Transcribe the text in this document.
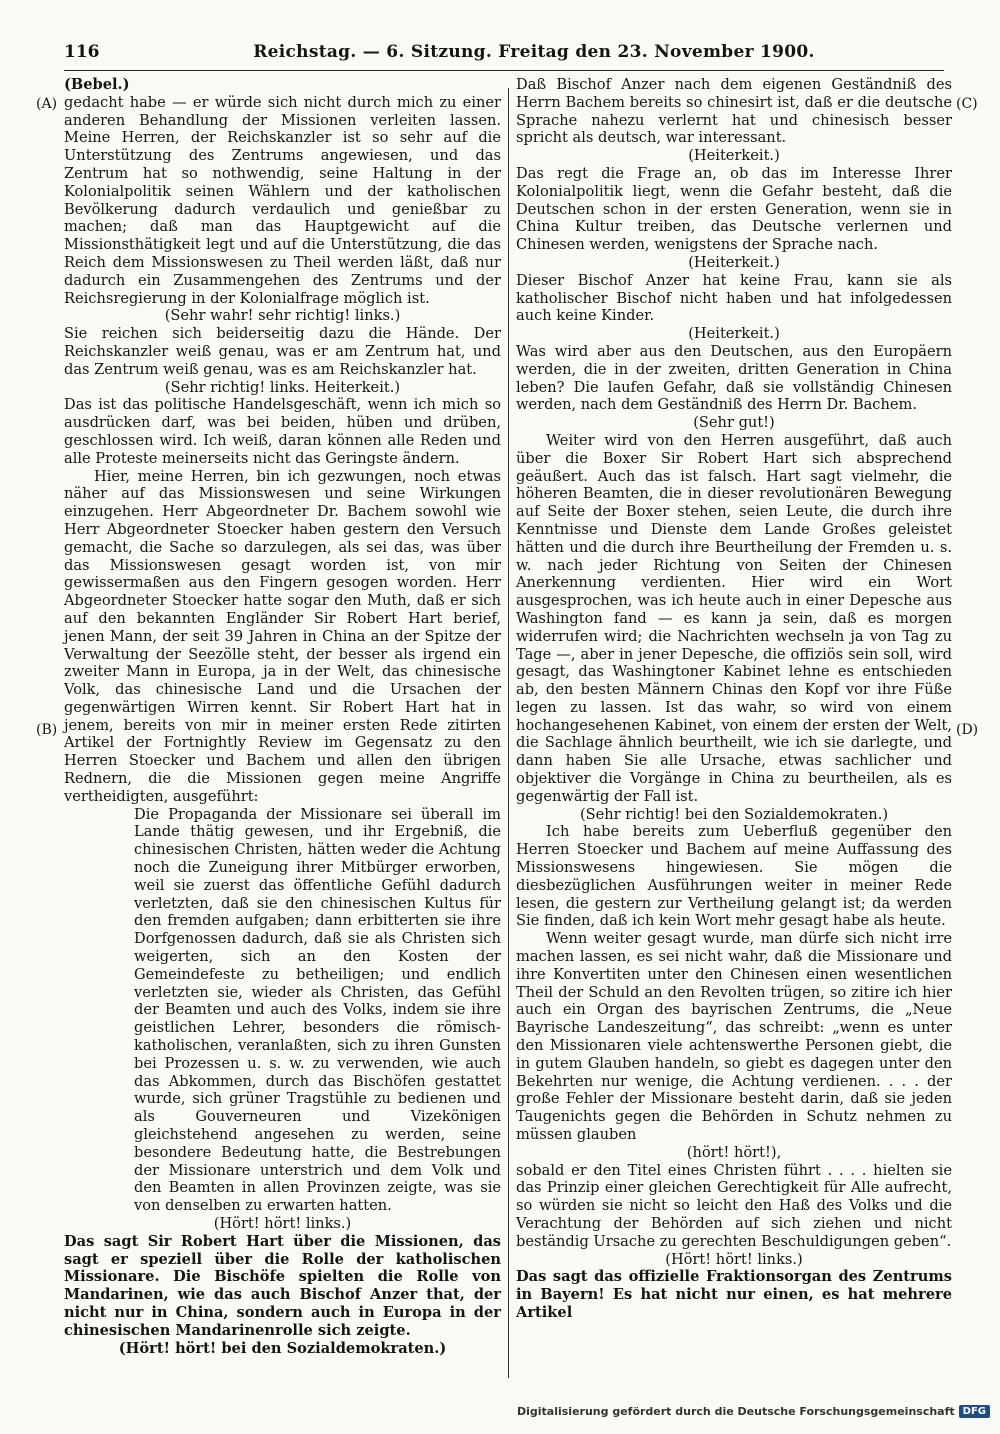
116	Reichstag. — 6. Sitzung. Freitag den 23. November 1900.
(A)
(B)
(C)
(D)

(Bebel.)

gedacht habe — er würde sich nicht durch mich zu einer anderen Behandlung der Missionen verleiten lassen. Meine Herren, der Reichskanzler ist so sehr auf die Unterstützung des Zentrums angewiesen, und das Zentrum hat so nothwendig, seine Haltung in der Kolonialpolitik seinen Wählern und der katholischen Bevölkerung dadurch verdaulich und genießbar zu machen; daß man das Hauptgewicht auf die Missionsthätigkeit legt und auf die Unterstützung, die das Reich dem Missionswesen zu Theil werden läßt, daß nur dadurch ein Zusammengehen des Zentrums und der Reichsregierung in der Kolonialfrage möglich ist.

(Sehr wahr! sehr richtig! links.)

Sie reichen sich beiderseitig dazu die Hände. Der Reichskanzler weiß genau, was er am Zentrum hat, und das Zentrum weiß genau, was es am Reichskanzler hat.

(Sehr richtig! links. Heiterkeit.)

Das ist das politische Handelsgeschäft, wenn ich mich so ausdrücken darf, was bei beiden, hüben und drüben, geschlossen wird. Ich weiß, daran können alle Reden und alle Proteste meinerseits nicht das Geringste ändern.

Hier, meine Herren, bin ich gezwungen, noch etwas näher auf das Missionswesen und seine Wirkungen einzugehen. Herr Abgeordneter Dr. Bachem sowohl wie Herr Abgeordneter Stoecker haben gestern den Versuch gemacht, die Sache so darzulegen, als sei das, was über das Missionswesen gesagt worden ist, von mir gewissermaßen aus den Fingern gesogen worden. Herr Abgeordneter Stoecker hatte sogar den Muth, daß er sich auf den bekannten Engländer Sir Robert Hart berief, jenen Mann, der seit 39 Jahren in China an der Spitze der Verwaltung der Seezölle steht, der besser als irgend ein zweiter Mann in Europa, ja in der Welt, das chinesische Volk, das chinesische Land und die Ursachen der gegenwärtigen Wirren kennt. Sir Robert Hart hat in jenem, bereits von mir in meiner ersten Rede zitirten Artikel der Fortnightly Review im Gegensatz zu den Herren Stoecker und Bachem und allen den übrigen Rednern, die die Missionen gegen meine Angriffe vertheidigten, ausgeführt:

Die Propaganda der Missionare sei überall im Lande thätig gewesen, und ihr Ergebniß, die chinesischen Christen, hätten weder die Achtung noch die Zuneigung ihrer Mitbürger erworben, weil sie zuerst das öffentliche Gefühl dadurch verletzten, daß sie den chinesischen Kultus für den fremden aufgaben; dann erbitterten sie ihre Dorfgenossen dadurch, daß sie als Christen sich weigerten, sich an den Kosten der Gemeindefeste zu betheiligen; und endlich verletzten sie, wieder als Christen, das Gefühl der Beamten und auch des Volks, indem sie ihre geistlichen Lehrer, besonders die römisch-katholischen, veranlaßten, sich zu ihren Gunsten bei Prozessen u. s. w. zu verwenden, wie auch das Abkommen, durch das Bischöfen gestattet wurde, sich grüner Tragstühle zu bedienen und als Gouverneuren und Vizekönigen gleichstehend angesehen zu werden, seine besondere Bedeutung hatte, die Bestrebungen der Missionare unterstrich und dem Volk und den Beamten in allen Provinzen zeigte, was sie von denselben zu erwarten hatten.

(Hört! hört! links.)

Das sagt Sir Robert Hart über die Missionen, das sagt er speziell über die Rolle der katholischen Missionare. Die Bischöfe spielten die Rolle von Mandarinen, wie das auch Bischof Anzer that, der nicht nur in China, sondern auch in Europa in der chinesischen Mandarinenrolle sich zeigte.

(Hört! hört! bei den Sozialdemokraten.)

Daß Bischof Anzer nach dem eigenen Geständniß des Herrn Bachem bereits so chinesirt ist, daß er die deutsche Sprache nahezu verlernt hat und chinesisch besser spricht als deutsch, war interessant.

(Heiterkeit.)

Das regt die Frage an, ob das im Interesse Ihrer Kolonialpolitik liegt, wenn die Gefahr besteht, daß die Deutschen schon in der ersten Generation, wenn sie in China Kultur treiben, das Deutsche verlernen und Chinesen werden, wenigstens der Sprache nach.

(Heiterkeit.)

Dieser Bischof Anzer hat keine Frau, kann sie als katholischer Bischof nicht haben und hat infolgedessen auch keine Kinder.

(Heiterkeit.)

Was wird aber aus den Deutschen, aus den Europäern werden, die in der zweiten, dritten Generation in China leben? Die laufen Gefahr, daß sie vollständig Chinesen werden, nach dem Geständniß des Herrn Dr. Bachem.

(Sehr gut!)

Weiter wird von den Herren ausgeführt, daß auch über die Boxer Sir Robert Hart sich absprechend geäußert. Auch das ist falsch. Hart sagt vielmehr, die höheren Beamten, die in dieser revolutionären Bewegung auf Seite der Boxer stehen, seien Leute, die durch ihre Kenntnisse und Dienste dem Lande Großes geleistet hätten und die durch ihre Beurtheilung der Fremden u. s. w. nach jeder Richtung von Seiten der Chinesen Anerkennung verdienten. Hier wird ein Wort ausgesprochen, was ich heute auch in einer Depesche aus Washington fand — es kann ja sein, daß es morgen widerrufen wird; die Nachrichten wechseln ja von Tag zu Tage —, aber in jener Depesche, die offiziös sein soll, wird gesagt, das Washingtoner Kabinet lehne es entschieden ab, den besten Männern Chinas den Kopf vor ihre Füße legen zu lassen. Ist das wahr, so wird von einem hochangesehenen Kabinet, von einem der ersten der Welt, die Sachlage ähnlich beurtheilt, wie ich sie darlegte, und dann haben Sie alle Ursache, etwas sachlicher und objektiver die Vorgänge in China zu beurtheilen, als es gegenwärtig der Fall ist.

(Sehr richtig! bei den Sozialdemokraten.)

Ich habe bereits zum Ueberfluß gegenüber den Herren Stoecker und Bachem auf meine Auffassung des Missionswesens hingewiesen. Sie mögen die diesbezüglichen Ausführungen weiter in meiner Rede lesen, die gestern zur Vertheilung gelangt ist; da werden Sie finden, daß ich kein Wort mehr gesagt habe als heute.

Wenn weiter gesagt wurde, man dürfe sich nicht irre machen lassen, es sei nicht wahr, daß die Missionare und ihre Konvertiten unter den Chinesen einen wesentlichen Theil der Schuld an den Revolten trügen, so zitire ich hier auch ein Organ des bayrischen Zentrums, die „Neue Bayrische Landeszeitung“, das schreibt: „wenn es unter den Missionaren viele achtenswerthe Personen giebt, die in gutem Glauben handeln, so giebt es dagegen unter den Bekehrten nur wenige, die Achtung verdienen. . . . der große Fehler der Missionare besteht darin, daß sie jeden Taugenichts gegen die Behörden in Schutz nehmen zu müssen glauben

(hört! hört!),

sobald er den Titel eines Christen führt . . . . hielten sie das Prinzip einer gleichen Gerechtigkeit für Alle aufrecht, so würden sie nicht so leicht den Haß des Volks und die Verachtung der Behörden auf sich ziehen und nicht beständig Ursache zu gerechten Beschuldigungen geben“.

(Hört! hört! links.)

Das sagt das offizielle Fraktionsorgan des Zentrums in Bayern! Es hat nicht nur einen, es hat mehrere Artikel

Digitalisierung gefördert durch die Deutsche Forschungsgemeinschaft DFG
